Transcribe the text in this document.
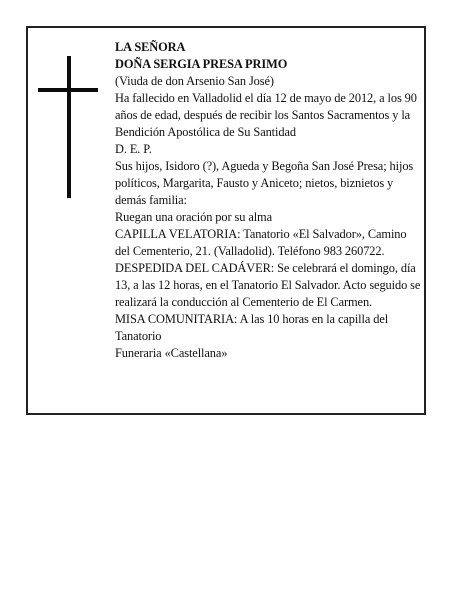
LA SEÑORA

DOÑA SERGIA PRESA PRIMO

(Viuda de don Arsenio San José)

Ha fallecido en Valladolid el día 12 de mayo de 2012, a los 90 años de edad, después de recibir los Santos Sacramentos y la Bendición Apostólica de Su Santidad

D. E. P.

Sus hijos, Isidoro (?), Agueda y Begoña San José Presa; hijos políticos, Margarita, Fausto y Aniceto; nietos, biznietos y demás familia:

Ruegan una oración por su alma

CAPILLA VELATORIA: Tanatorio «El Salvador», Camino del Cementerio, 21. (Valladolid). Teléfono 983 260722.

DESPEDIDA DEL CADÁVER: Se celebrará el domingo, día 13, a las 12 horas, en el Tanatorio El Salvador. Acto seguido se realizará la conducción al Cementerio de El Carmen.

MISA COMUNITARIA: A las 10 horas en la capilla del Tanatorio

Funeraria «Castellana»
